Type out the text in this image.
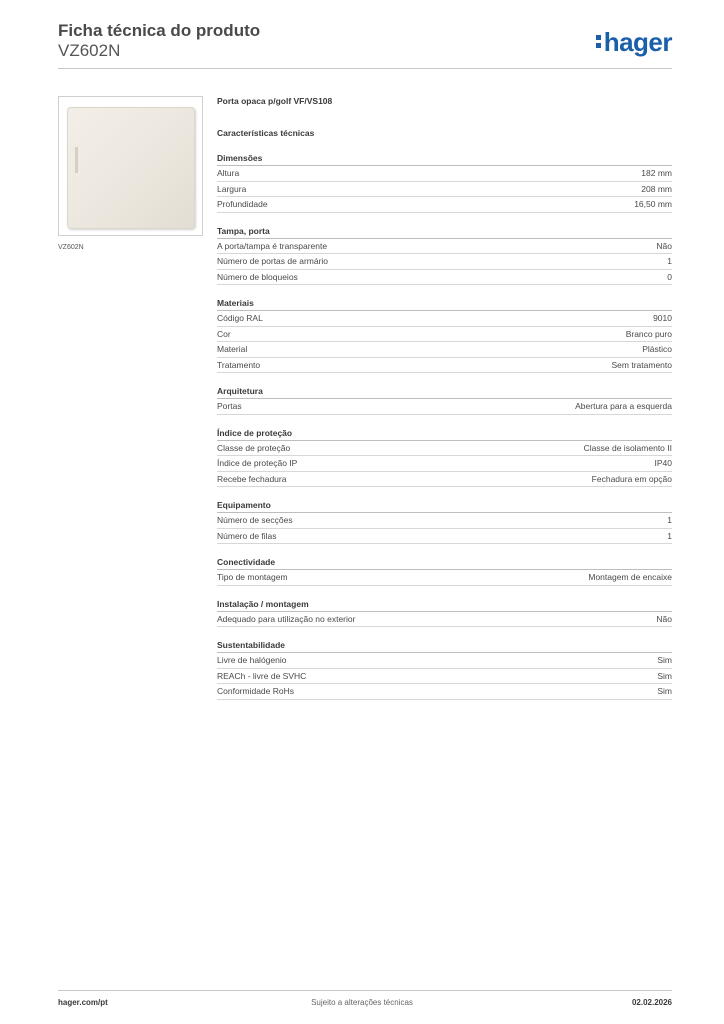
Ficha técnica do produto
VZ602N	hager
VZ602N
Porta opaca p/golf VF/VS108
Características técnicas
Dimensões
Altura	182 mm
Largura	208 mm
Profundidade	16,50 mm
Tampa, porta
A porta/tampa é transparente	Não
Número de portas de armário	1
Número de bloqueios	0
Materiais
Código RAL	9010
Cor	Branco puro
Material	Plástico
Tratamento	Sem tratamento
Arquitetura
Portas	Abertura para a esquerda
Índice de proteção
Classe de proteção	Classe de isolamento II
Índice de proteção IP	IP40
Recebe fechadura	Fechadura em opção
Equipamento
Número de secções	1
Número de filas	1
Conectividade
Tipo de montagem	Montagem de encaixe
Instalação / montagem
Adequado para utilização no exterior	Não
Sustentabilidade
Livre de halógenio	Sim
REACh - livre de SVHC	Sim
Conformidade RoHs	Sim
hager.com/pt	Sujeito a alterações técnicas	02.02.2026
